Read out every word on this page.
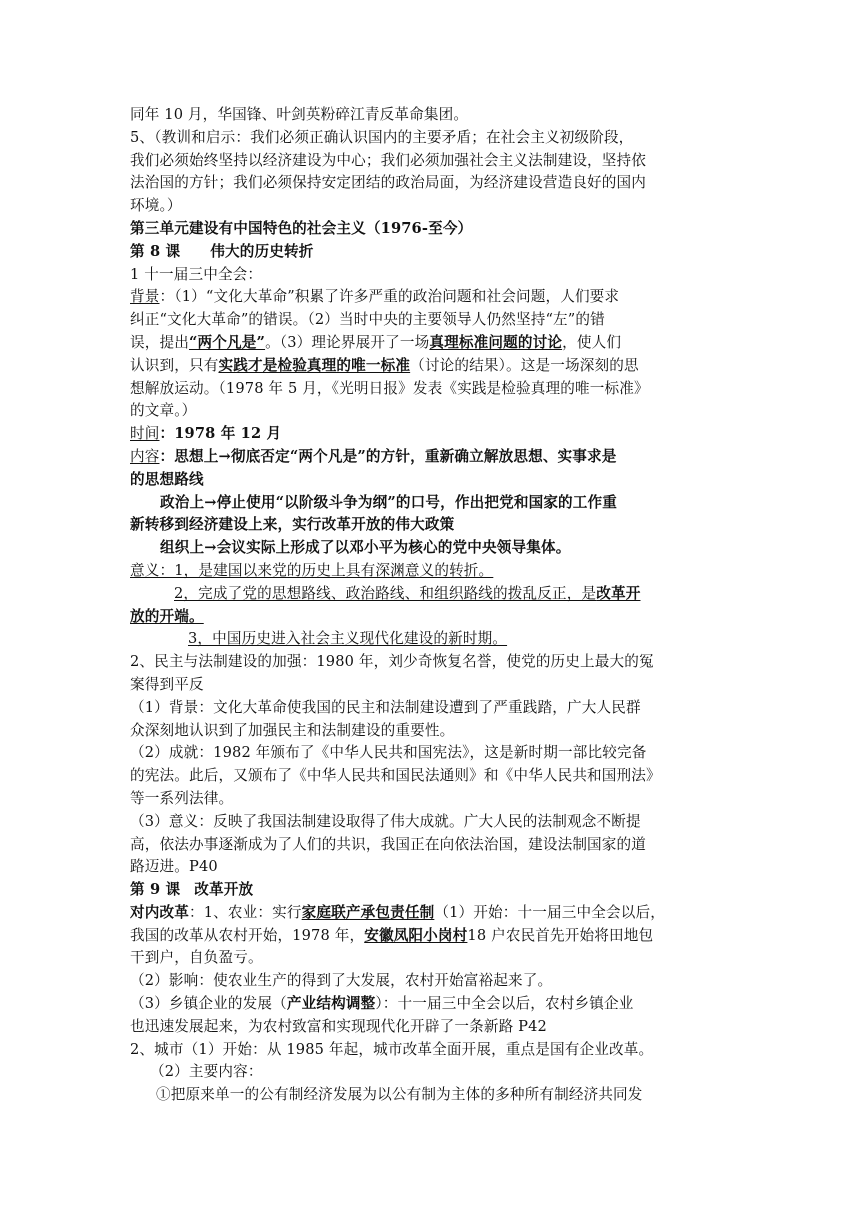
同年 10 月，华国锋、叶剑英粉碎江青反革命集团。
5、（教训和启示：我们必须正确认识国内的主要矛盾；在社会主义初级阶段，
我们必须始终坚持以经济建设为中心；我们必须加强社会主义法制建设，坚持依
法治国的方针；我们必须保持安定团结的政治局面，为经济建设营造良好的国内
环境。）
第三单元建设有中国特色的社会主义（1976-至今）
第 8 课 伟大的历史转折
1 十一届三中全会：
背景：（1）“文化大革命”积累了许多严重的政治问题和社会问题，人们要求
纠正“文化大革命”的错误。（2）当时中央的主要领导人仍然坚持“左”的错
误，提出“两个凡是”。（3）理论界展开了一场真理标准问题的讨论，使人们
认识到，只有实践才是检验真理的唯一标准（讨论的结果）。这是一场深刻的思
想解放运动。（1978 年 5 月，《光明日报》发表《实践是检验真理的唯一标准》
的文章。）
时间：1978 年 12 月
内容：思想上→彻底否定“两个凡是”的方针，重新确立解放思想、实事求是
的思想路线
政治上→停止使用“以阶级斗争为纲”的口号，作出把党和国家的工作重
新转移到经济建设上来，实行改革开放的伟大政策
组织上→会议实际上形成了以邓小平为核心的党中央领导集体。
意义：1，是建国以来党的历史上具有深渊意义的转折。
2，完成了党的思想路线、政治路线、和组织路线的拨乱反正，是改革开
放的开端。
3，中国历史进入社会主义现代化建设的新时期。
2、民主与法制建设的加强：1980 年，刘少奇恢复名誉，使党的历史上最大的冤
案得到平反
（1）背景：文化大革命使我国的民主和法制建设遭到了严重践踏，广大人民群
众深刻地认识到了加强民主和法制建设的重要性。
（2）成就：1982 年颁布了《中华人民共和国宪法》，这是新时期一部比较完备
的宪法。此后，又颁布了《中华人民共和国民法通则》和《中华人民共和国刑法》
等一系列法律。
（3）意义：反映了我国法制建设取得了伟大成就。广大人民的法制观念不断提
高，依法办事逐渐成为了人们的共识，我国正在向依法治国，建设法制国家的道
路迈进。P40
第 9 课 改革开放
对内改革：1、农业：实行家庭联产承包责任制（1）开始：十一届三中全会以后，
我国的改革从农村开始，1978 年，安徽凤阳小岗村18 户农民首先开始将田地包
干到户，自负盈亏。
（2）影响：使农业生产的得到了大发展，农村开始富裕起来了。
（3）乡镇企业的发展（产业结构调整）：十一届三中全会以后，农村乡镇企业
也迅速发展起来，为农村致富和实现现代化开辟了一条新路 P42
2、城市（1）开始：从 1985 年起，城市改革全面开展，重点是国有企业改革。
（2）主要内容：
①把原来单一的公有制经济发展为以公有制为主体的多种所有制经济共同发
